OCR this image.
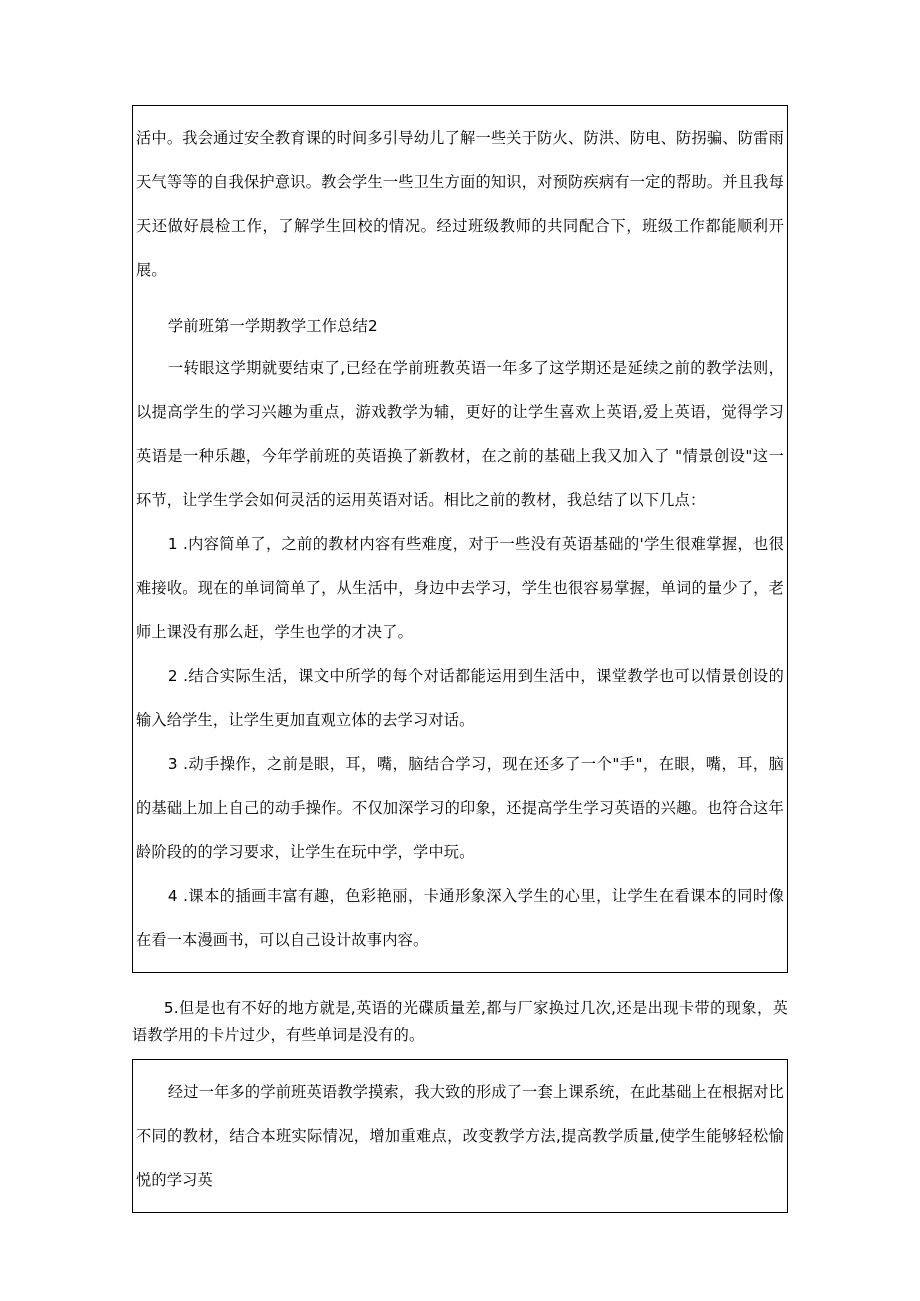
活中。我会通过安全教育课的时间多引导幼儿了解一些关于防火、防洪、防电、防拐骗、防雷雨天气等等的自我保护意识。教会学生一些卫生方面的知识，对预防疾病有一定的帮助。并且我每天还做好晨检工作，了解学生回校的情况。经过班级教师的共同配合下，班级工作都能顺利开展。

学前班第一学期教学工作总结2

一转眼这学期就要结束了,已经在学前班教英语一年多了这学期还是延续之前的教学法则，以提高学生的学习兴趣为重点，游戏教学为辅，更好的让学生喜欢上英语,爱上英语，觉得学习英语是一种乐趣，今年学前班的英语换了新教材，在之前的基础上我又加入了 "情景创设"这一环节，让学生学会如何灵活的运用英语对话。相比之前的教材，我总结了以下几点：

1 .内容简单了，之前的教材内容有些难度，对于一些没有英语基础的'学生很难掌握，也很难接收。现在的单词简单了，从生活中，身边中去学习，学生也很容易掌握，单词的量少了，老师上课没有那么赶，学生也学的才决了。

2 .结合实际生活，课文中所学的每个对话都能运用到生活中，课堂教学也可以情景创设的输入给学生，让学生更加直观立体的去学习对话。

3 .动手操作，之前是眼，耳，嘴，脑结合学习，现在还多了一个"手"，在眼，嘴，耳，脑的基础上加上自己的动手操作。不仅加深学习的印象，还提高学生学习英语的兴趣。也符合这年龄阶段的的学习要求，让学生在玩中学，学中玩。

4 .课本的插画丰富有趣，色彩艳丽，卡通形象深入学生的心里，让学生在看课本的同时像在看一本漫画书，可以自己设计故事内容。

5.但是也有不好的地方就是,英语的光碟质量差,都与厂家换过几次,还是出现卡带的现象，英语教学用的卡片过少，有些单词是没有的。

经过一年多的学前班英语教学摸索，我大致的形成了一套上课系统，在此基础上在根据对比不同的教材，结合本班实际情况，增加重难点，改变教学方法,提高教学质量,使学生能够轻松愉悦的学习英
